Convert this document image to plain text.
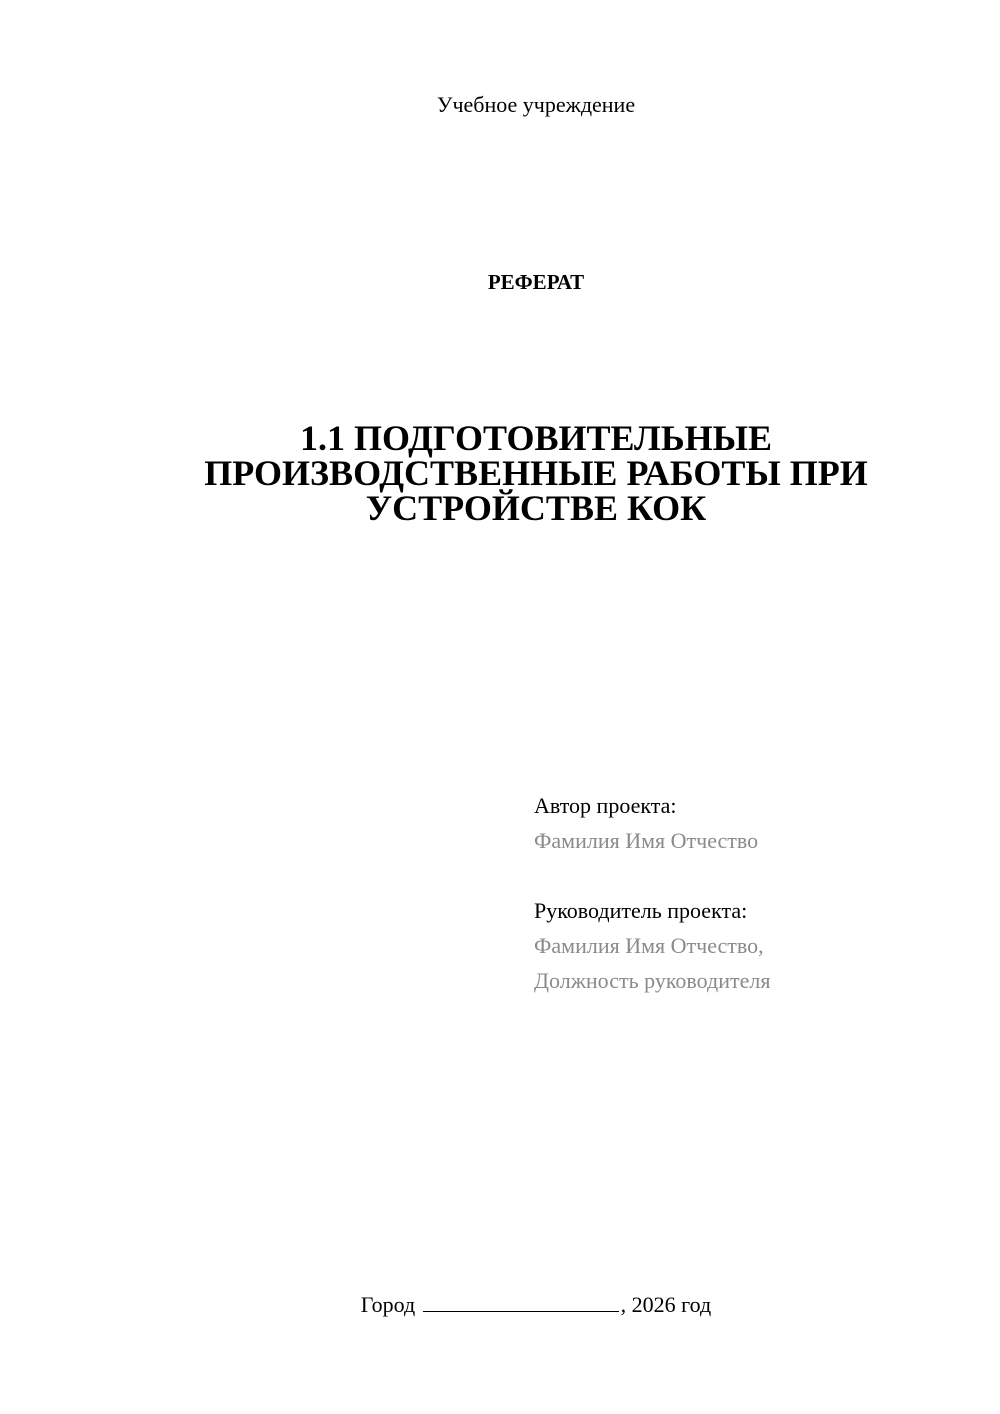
Учебное учреждение
РЕФЕРАТ
1.1 ПОДГОТОВИТЕЛЬНЫЕ
ПРОИЗВОДСТВЕННЫЕ РАБОТЫ ПРИ
УСТРОЙСТВЕ КОК
Автор проекта:
Фамилия Имя Отчество
Руководитель проекта:
Фамилия Имя Отчество,
Должность руководителя
Город	, 2026 год
